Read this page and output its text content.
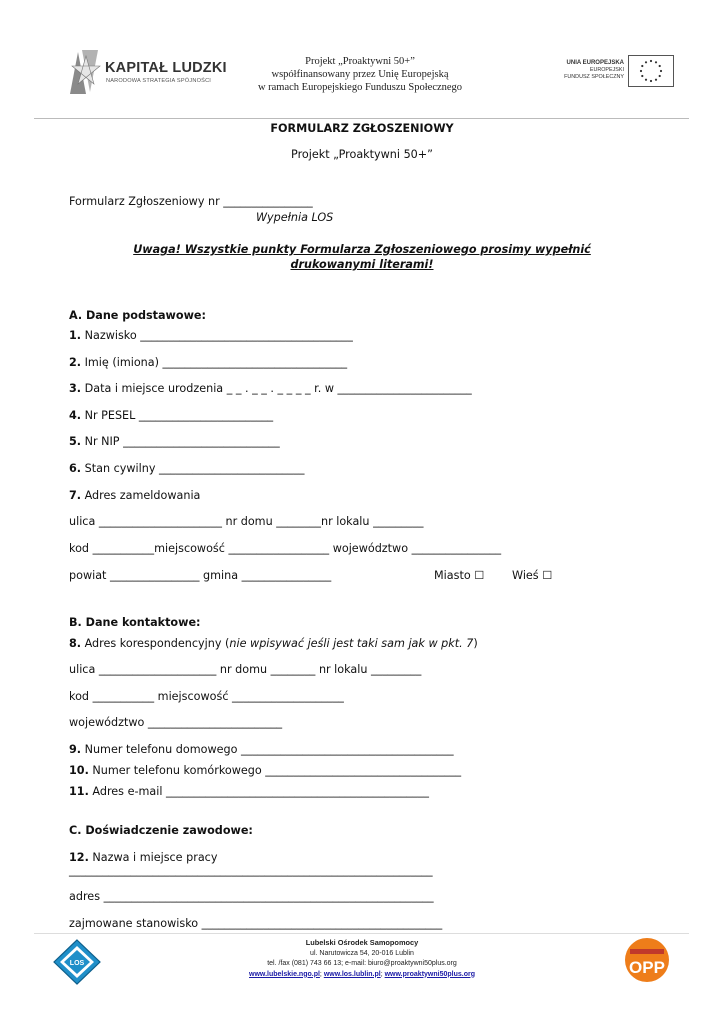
KAPITAŁ LUDZKI
NARODOWA STRATEGIA SPÓJNOŚCI
Projekt „Proaktywni 50+”
współfinansowany przez Unię Europejską
w ramach Europejskiego Funduszu Społecznego
UNIA EUROPEJSKA
EUROPEJSKI
FUNDUSZ SPOŁECZNY
FORMULARZ ZGŁOSZENIOWY
Projekt „Proaktywni 50+”
Formularz Zgłoszeniowy nr ________________
Wypełnia LOS
Uwaga! Wszystkie punkty Formularza Zgłoszeniowego prosimy wypełnić drukowanymi literami!
A. Dane podstawowe:
1. Nazwisko ______________________________________
2. Imię (imiona) _________________________________
3. Data i miejsce urodzenia _ _ . _ _ . _ _ _ _ r. w ________________________
4. Nr PESEL ________________________
5. Nr NIP ____________________________
6. Stan cywilny __________________________
7. Adres zameldowania
ulica ______________________ nr domu ________nr lokalu _________
kod ___________miejscowość __________________ województwo ________________
powiat ________________ gmina ________________	Miasto ☐ Wieś ☐
B. Dane kontaktowe:
8. Adres korespondencyjny (nie wpisywać jeśli jest taki sam jak w pkt. 7)
ulica _____________________ nr domu ________ nr lokalu _________
kod ___________ miejscowość ____________________
województwo ________________________
9. Numer telefonu domowego ______________________________________
10. Numer telefonu komórkowego ___________________________________
11. Adres e-mail _______________________________________________
C. Doświadczenie zawodowe:
12. Nazwa i miejsce pracy
_________________________________________________________________
adres ___________________________________________________________
zajmowane stanowisko ___________________________________________
LOS
Lubelski Ośrodek Samopomocy
ul. Narutowicza 54, 20-016 Lublin
tel. /fax (081) 743 66 13; e-mail: biuro@proaktywni50plus.org
www.lubelskie.ngo.pl; www.los.lublin.pl; www.proaktywni50plus.org	OPP
